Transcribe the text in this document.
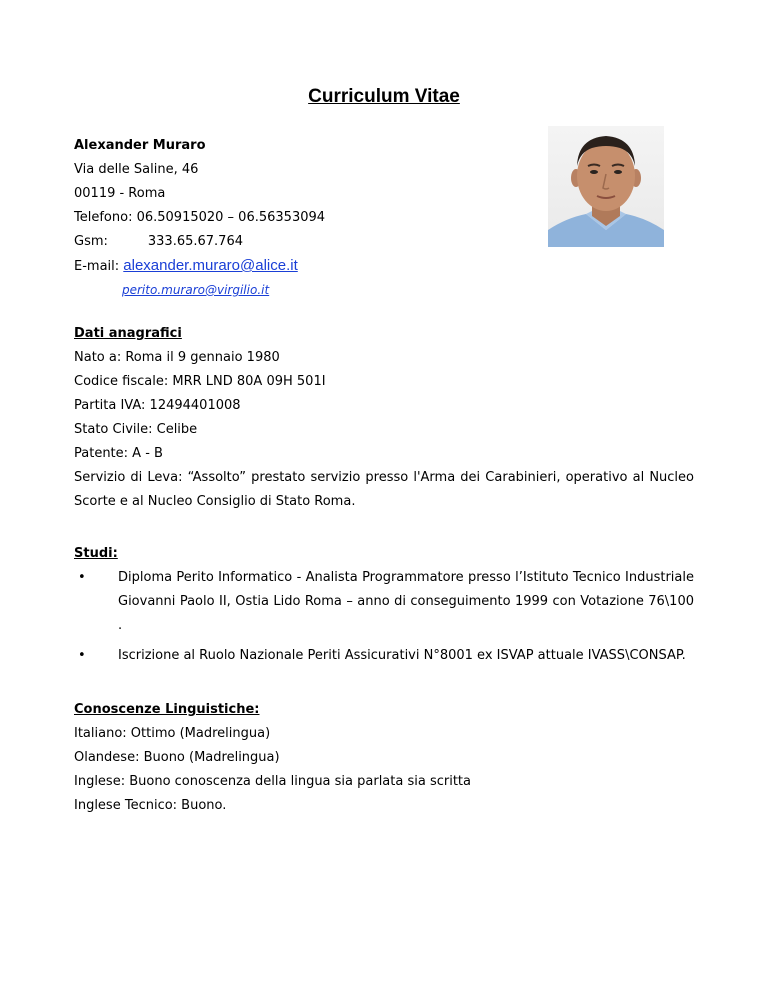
Curriculum Vitae
Alexander Muraro
Via delle Saline, 46
00119 - Roma
Telefono: 06.50915020 – 06.56353094
Gsm:	333.65.67.764
E-mail: alexander.muraro@alice.it
perito.muraro@virgilio.it
Dati anagrafici
Nato a: Roma il 9 gennaio 1980
Codice fiscale: MRR LND 80A 09H 501I
Partita IVA: 12494401008
Stato Civile: Celibe
Patente: A - B
Servizio di Leva: “Assolto” prestato servizio presso l'Arma dei Carabinieri, operativo al Nucleo Scorte e al Nucleo Consiglio di Stato Roma.
Studi:
• Diploma Perito Informatico - Analista Programmatore presso l’Istituto Tecnico Industriale Giovanni Paolo II, Ostia Lido Roma – anno di conseguimento 1999 con Votazione 76\100 .
• Iscrizione al Ruolo Nazionale Periti Assicurativi N°8001 ex ISVAP attuale IVASS\CONSAP.
Conoscenze Linguistiche:
Italiano: Ottimo (Madrelingua)
Olandese: Buono (Madrelingua)
Inglese: Buono conoscenza della lingua sia parlata sia scritta
Inglese Tecnico: Buono.
